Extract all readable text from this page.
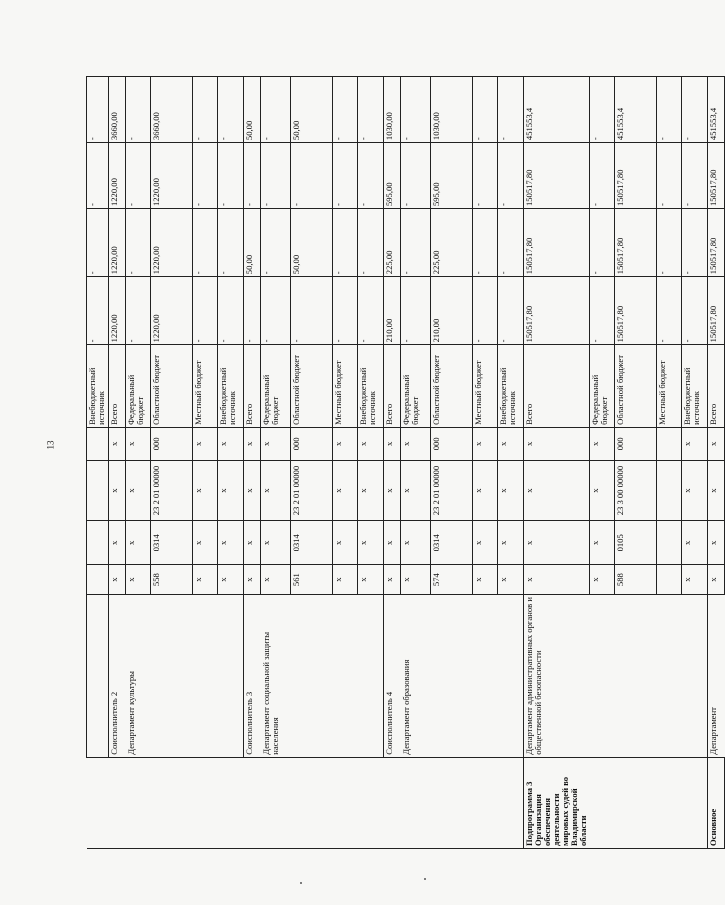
13
						Внебюджетный источник	-	-	-	-
	Соисполнитель 2	x	x	x	x	Всего	1220,00	1220,00	1220,00	3660,00
	Департамент культуры	x	x	x	x	Федеральный бюджет	-	-	-	-
		558	0314	23 2 01 00000	000	Областной бюджет	1220,00	1220,00	1220,00	3660,00
		x	x	x	x	Местный бюджет	-	-	-	-
		x	x	x	x	Внебюджетный источник	-	-	-	-
	Соисполнитель 3	x	x	x	x	Всего	-	50,00	-	50,00
	Департамент социальной защиты населения	x	x	x	x	Федеральный бюджет	-	-	-	-
		561	0314	23 2 01 00000	000	Областной бюджет	-	50,00	-	50,00
		x	x	x	x	Местный бюджет	-	-	-	-
		x	x	x	x	Внебюджетный источник	-	-	-	-
	Соисполнитель 4	x	x	x	x	Всего	210,00	225,00	595,00	1030,00
	Департамент образования	x	x	x	x	Федеральный бюджет	-	-	-	-
		574	0314	23 2 01 00000	000	Областной бюджет	210,00	225,00	595,00	1030,00
		x	x	x	x	Местный бюджет	-	-	-	-
		x	x	x	x	Внебюджетный источник	-	-	-	-
Подпрограмма 3 Организация обеспечения деятельности мировых судей во Владимирской области	Департамент административных органов и общественной безопасности	x	x	x	x	Всего	150517,80	150517,80	150517,80	451553,4
		x	x	x	x	Федеральный бюджет	-	-	-	-
		588	0105	23 3 00 00000	000	Областной бюджет	150517,80	150517,80	150517,80	451553,4
						Местный бюджет	-	-	-	-
		x	x	x	x	Внебюджетный источник	-	-	-	-
Основное	Департамент	x	x	x	x	Всего	150517,80	150517,80	150517,80	451553,4
